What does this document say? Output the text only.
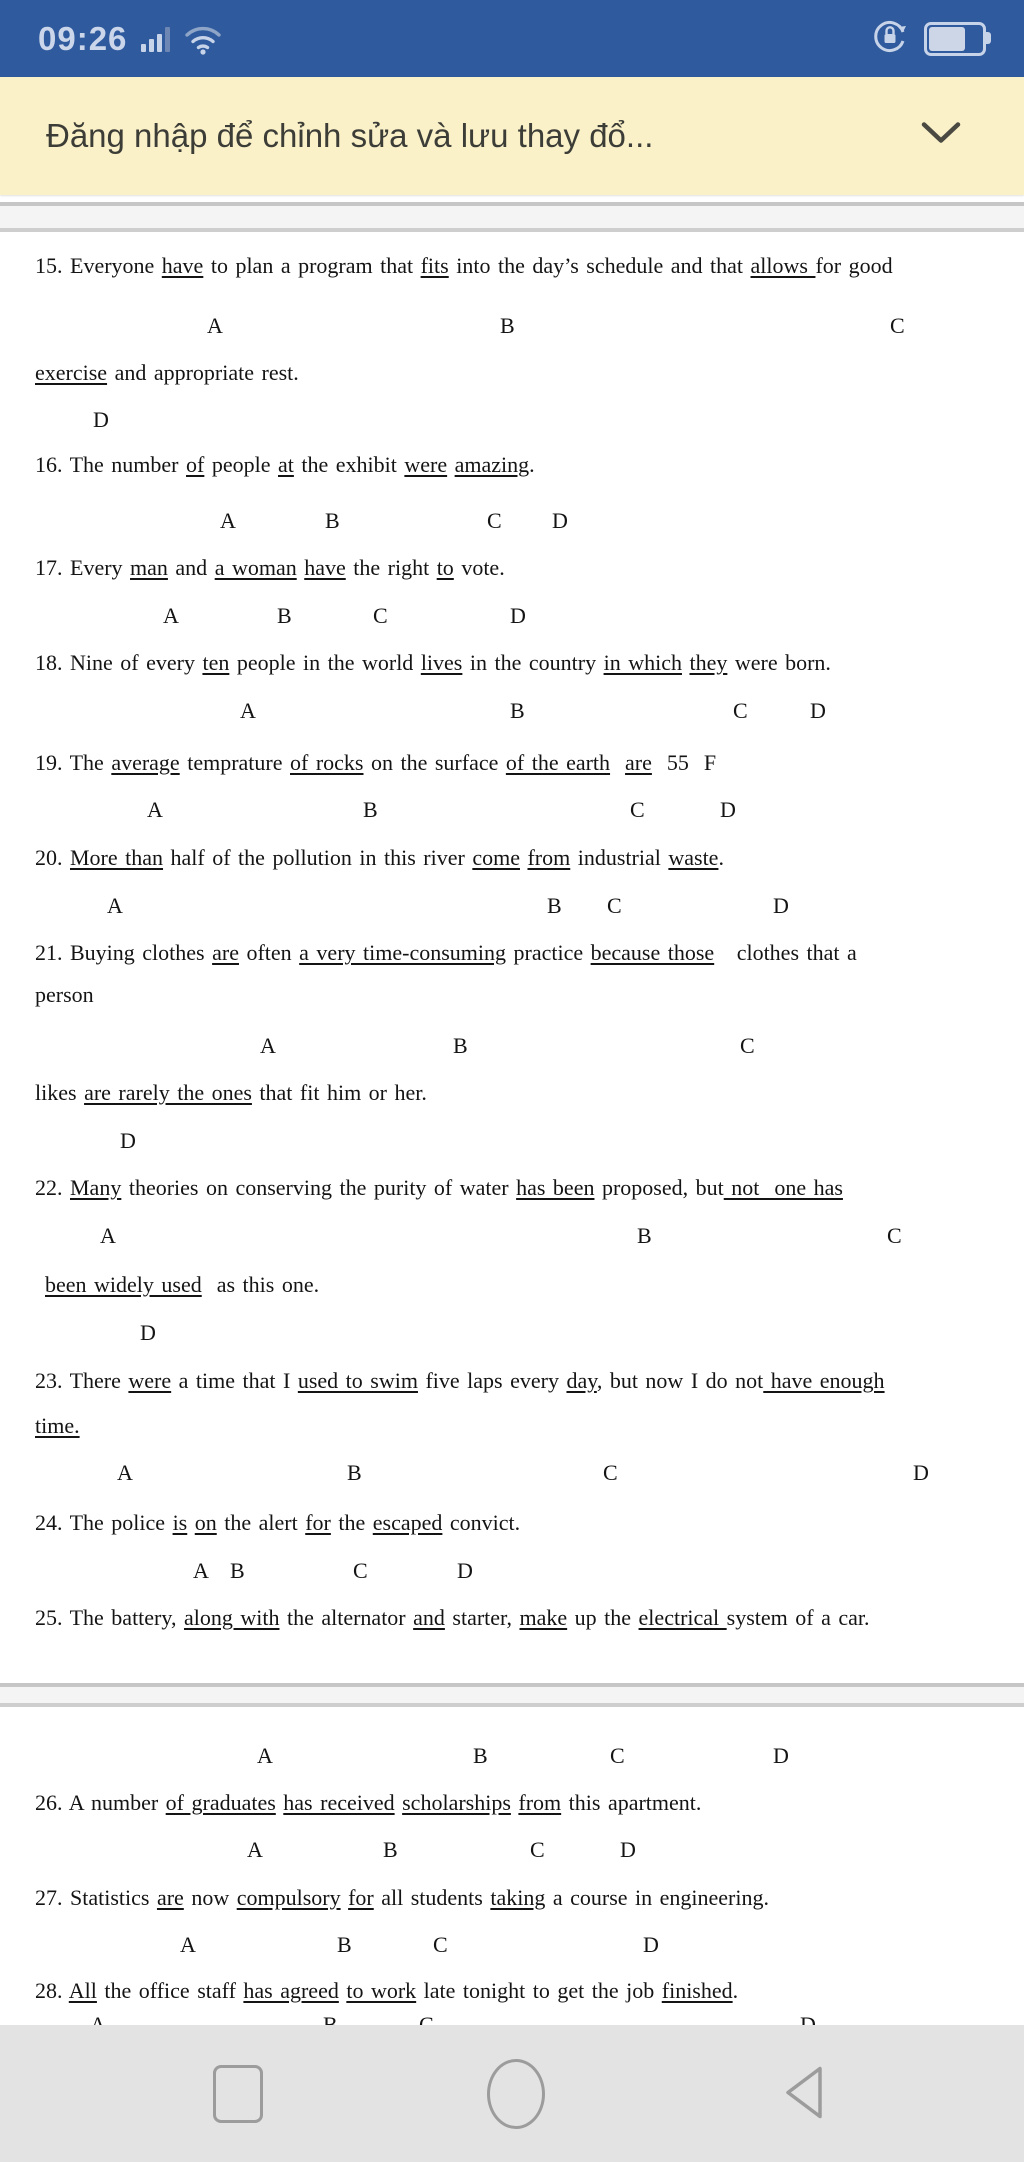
09:26
Đăng nhập để chỉnh sửa và lưu thay đổ...
15. Everyone have to plan a program that fits into the day’s schedule and that allows for good
A	B	C
exercise and appropriate rest.
D
16. The number of people at the exhibit were amazing.
A	B	C D
17. Every man and a woman have the right to vote.
A	B	C	D
18. Nine of every ten people in the world lives in the country in which they were born.
A	B	C	D
19. The average temprature of rocks on the surface of the earth are  55  F
A	B	C	D
20. More than half of the pollution in this river come from industrial waste.
A	B C	D
21. Buying clothes are often a very time-consuming practice because those   clothes that a
person
A	B	C
likes are rarely the ones that fit him or her.
D
22. Many theories on conserving the purity of water has been proposed, but not  one has
A	B	C
been widely used  as this one.
D
23. There were a time that I used to swim five laps every day, but now I do not have enough
time.
A	B	C	D
24. The police is on the alert for the escaped convict.
A B	C	D
25. The battery, along with the alternator and starter, make up the electrical system of a car.
A	B	C	D
26. A number of graduates has received scholarships from this apartment.
A	B	C	D
27. Statistics are now compulsory for all students taking a course in engineering.
A	B	C	D
28. All the office staff has agreed to work late tonight to get the job finished.
